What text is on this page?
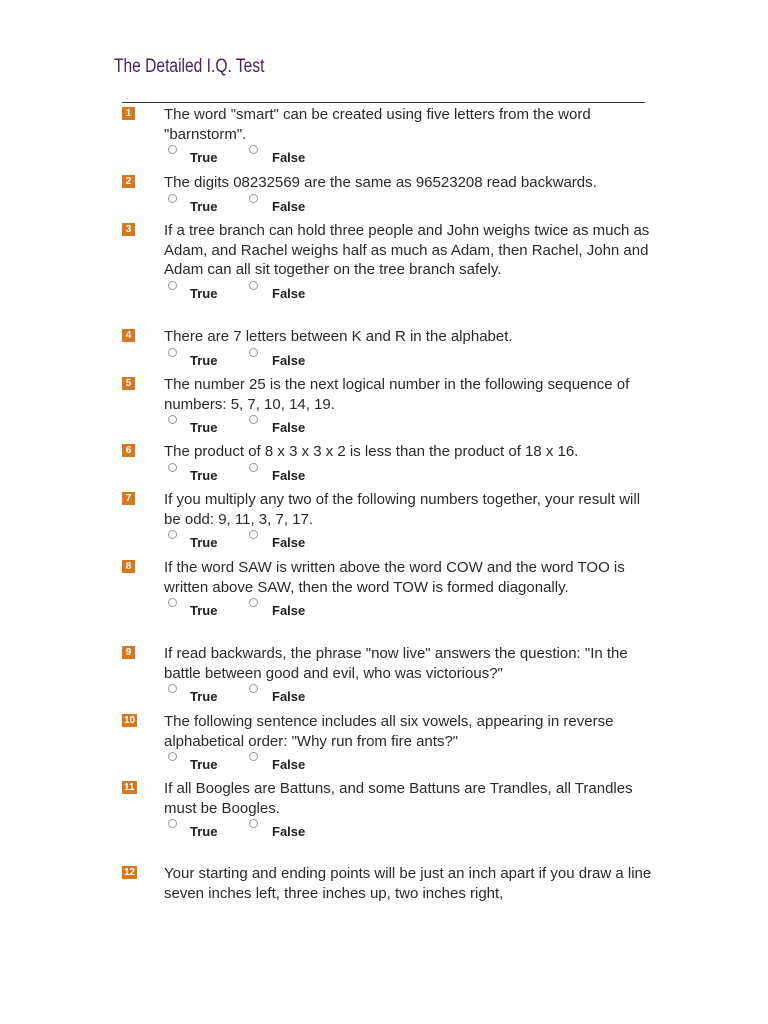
The Detailed I.Q. Test
1 The word "smart" can be created using five letters from the word "barnstorm".
True	False
2 The digits 08232569 are the same as 96523208 read backwards.
True	False
3 If a tree branch can hold three people and John weighs twice as much as Adam, and Rachel weighs half as much as Adam, then Rachel, John and Adam can all sit together on the tree branch safely.
True	False
4 There are 7 letters between K and R in the alphabet.
True	False
5 The number 25 is the next logical number in the following sequence of numbers: 5, 7, 10, 14, 19.
True	False
6 The product of 8 x 3 x 3 x 2 is less than the product of 18 x 16.
True	False
7 If you multiply any two of the following numbers together, your result will be odd: 9, 11, 3, 7, 17.
True	False
8 If the word SAW is written above the word COW and the word TOO is written above SAW, then the word TOW is formed diagonally.
True	False
9 If read backwards, the phrase "now live" answers the question: "In the battle between good and evil, who was victorious?"
True	False
10 The following sentence includes all six vowels, appearing in reverse alphabetical order: "Why run from fire ants?"
True	False
11 If all Boogles are Battuns, and some Battuns are Trandles, all Trandles must be Boogles.
True	False
12 Your starting and ending points will be just an inch apart if you draw a line seven inches left, three inches up, two inches right,
